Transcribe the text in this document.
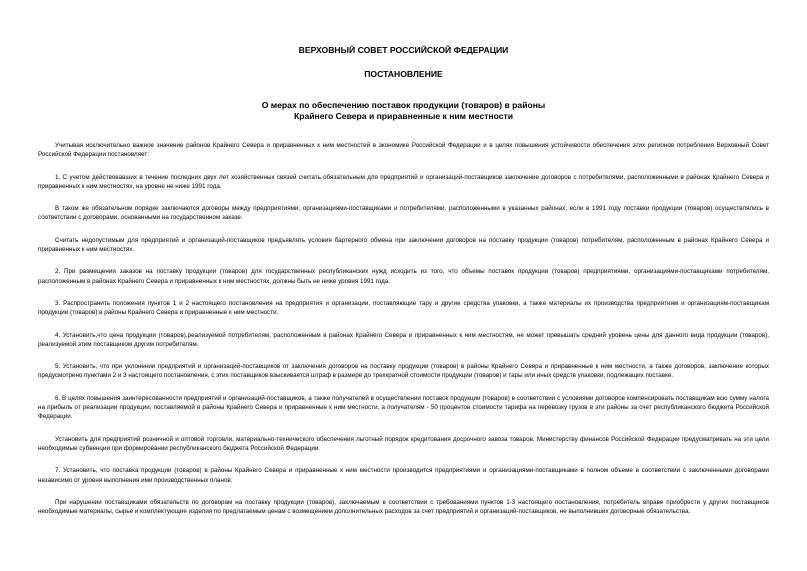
ВЕРХОВНЫЙ СОВЕТ РОССИЙСКОЙ ФЕДЕРАЦИИ
ПОСТАНОВЛЕНИЕ
О мерах по обеспечению поставок продукции (товаров) в районы
Крайнего Севера и приравненные к ним местности

Учитывая исключительно важное значение районов Крайнего Севера и приравненных к ним местностей в экономике Российской Федерации и в целях повышения устойчивости обеспечения этих регионов потребления Верховный Совет Российской Федерации постановляет:

1. С учетом действовавших в течение последних двух лет хозяйственных связей считать обязательным для предприятий и организаций-поставщиков заключение договоров с потребителями, расположенными в районах Крайнего Севера и приравненных к ним местностях, на уровне не ниже 1991 года.

В таком же обязательном порядке заключаются договоры между предприятиями, организациями-поставщиками и потребителями, расположенными в указанных районах, если в 1991 году поставки продукции (товаров) осуществлялись в соответствии с договорами, основанными на государственном заказе.

Считать недопустимым для предприятий и организаций-поставщиков предъявлять условия бартерного обмена при заключении договоров на поставку продукции (товаров) потребителям, расположенным в районах Крайнего Севера и приравненных к ним местностях.

2. При размещении заказов на поставку продукции (товаров) для государственных республиканских нужд исходить из того, что объемы поставок продукции (товаров) предприятиями, организациями-поставщиками потребителям, расположенным в районах Крайнего Севера и приравненных к ним местностях, должны быть не ниже уровня 1991 года.

3. Распространить положения пунктов 1 и 2 настоящего постановления на предприятия и организации, поставляющие тару и другие средства упаковки, а также материалы их производства предприятиям и организациям-поставщикам продукции (товаров) в районы Крайнего Севера и приравненные к ним местности.

4. Установить,что цена продукции (товаров),реализуемой потребителям, расположенным в районах Крайнего Севера и приравненных к ним местностям, не может превышать средний уровень цены для данного вида продукции (товаров), реализуемой этим поставщиком другим потребителям.

5. Установить, что при уклонении предприятий и организаций-поставщиков от заключения договоров на поставку продукции (товаров) в районы Крайнего Севера и приравненные к ним местности, а также договоров, заключение которых предусмотрено пунктами 2 и 3 настоящего постановления, с этих поставщиков взыскивается штраф в размере до трехкратной стоимости продукции (товаров) и тары или иных средств упаковки, подлежащих поставке.

6. В целях повышения заинтересованности предприятий и организаций-поставщиков, а также получателей в осуществлении поставок продукции (товаров) в соответствии с условиями договоров компенсировать поставщикам всю сумму налога на прибыль от реализации продукции, поставляемой в районы Крайнего Севера и приравненные к ним местности, а получателям - 50 процентов стоимости тарифа на перевозку грузов в эти районы за счет республиканского бюджета Российской Федерации.

Установить для предприятий розничной и оптовой торговли, материально-технического обеспечения льготный порядок кредитования досрочного завоза товаров. Министерству финансов Российской Федерации предусматривать на эти цели необходимые субвенции при формировании республиканского бюджета Российской Федерации.

7. Установить, что поставка продукции (товаров) в районы Крайнего Севера и приравненные к ним местности производится предприятиями и организациями-поставщиками в полном объеме в соответствии с заключенными договорами независимо от уровня выполнения ими производственных планов.

При нарушении поставщиками обязательств по договорам на поставку продукции (товаров), заключаемым в соответствии с требованиями пунктов 1-3 настоящего постановления, потребитель вправе приобрести у других поставщиков необходимые материалы, сырье и комплектующие изделия по предлагаемым ценам с возмещением дополнительных расходов за счет предприятий и организаций-поставщиков, не выполнивших договорные обязательства.
